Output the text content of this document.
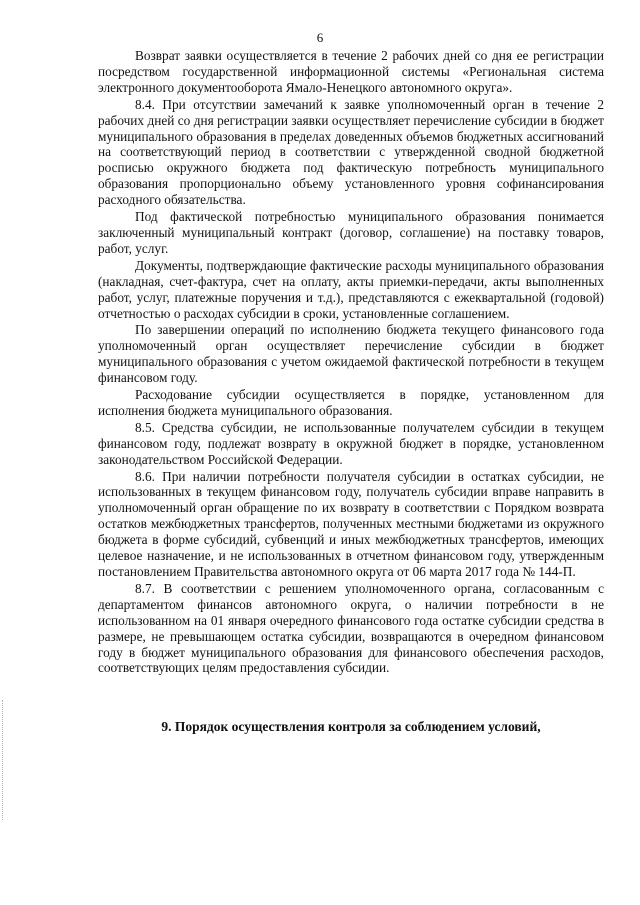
6

Возврат заявки осуществляется в течение 2 рабочих дней со дня ее регистрации посредством государственной информационной системы «Региональная система электронного документооборота Ямало-Ненецкого автономного округа».

8.4. При отсутствии замечаний к заявке уполномоченный орган в течение 2 рабочих дней со дня регистрации заявки осуществляет перечисление субсидии в бюджет муниципального образования в пределах доведенных объемов бюджетных ассигнований на соответствующий период в соответствии с утвержденной сводной бюджетной росписью окружного бюджета под фактическую потребность муниципального образования пропорционально объему установленного уровня софинансирования расходного обязательства.

Под фактической потребностью муниципального образования понимается заключенный муниципальный контракт (договор, соглашение) на поставку товаров, работ, услуг.

Документы, подтверждающие фактические расходы муниципального образования (накладная, счет-фактура, счет на оплату, акты приемки-передачи, акты выполненных работ, услуг, платежные поручения и т.д.), представляются с ежеквартальной (годовой) отчетностью о расходах субсидии в сроки, установленные соглашением.

По завершении операций по исполнению бюджета текущего финансового года уполномоченный орган осуществляет перечисление субсидии в бюджет муниципального образования с учетом ожидаемой фактической потребности в текущем финансовом году.

Расходование субсидии осуществляется в порядке, установленном для исполнения бюджета муниципального образования.

8.5. Средства субсидии, не использованные получателем субсидии в текущем финансовом году, подлежат возврату в окружной бюджет в порядке, установленном законодательством Российской Федерации.

8.6. При наличии потребности получателя субсидии в остатках субсидии, не использованных в текущем финансовом году, получатель субсидии вправе направить в уполномоченный орган обращение по их возврату в соответствии с Порядком возврата остатков межбюджетных трансфертов, полученных местными бюджетами из окружного бюджета в форме субсидий, субвенций и иных межбюджетных трансфертов, имеющих целевое назначение, и не использованных в отчетном финансовом году, утвержденным постановлением Правительства автономного округа от 06 марта 2017 года № 144-П.

8.7. В соответствии с решением уполномоченного органа, согласованным с департаментом финансов автономного округа, о наличии потребности в не использованном на 01 января очередного финансового года остатке субсидии средства в размере, не превышающем остатка субсидии, возвращаются в очередном финансовом году в бюджет муниципального образования для финансового обеспечения расходов, соответствующих целям предоставления субсидии.

9. Порядок осуществления контроля за соблюдением условий,
